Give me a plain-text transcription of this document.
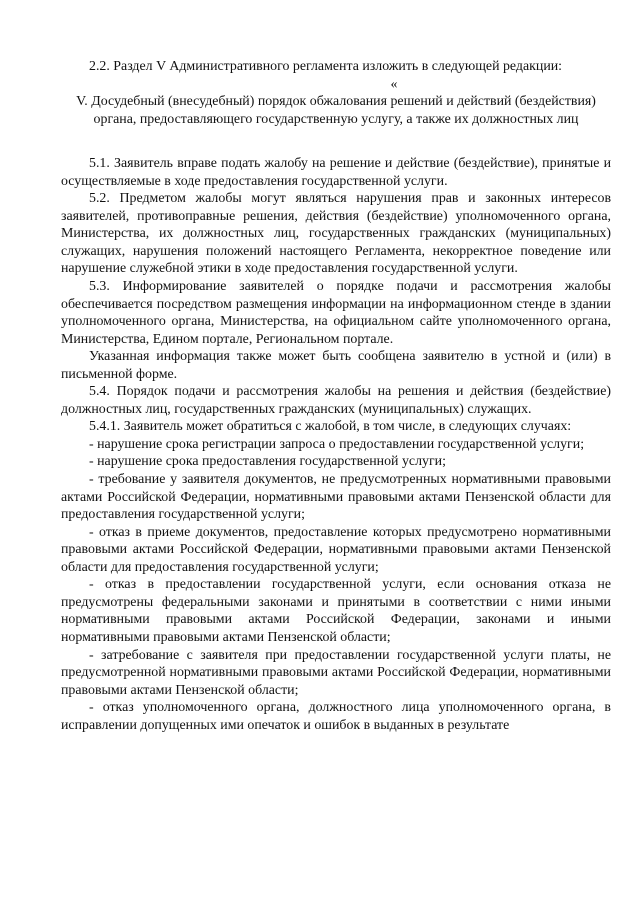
2.2. Раздел V Административного регламента изложить в следующей редакции:
«
V. Досудебный (внесудебный) порядок обжалования решений и действий (бездействия) органа, предоставляющего государственную услугу, а также их должностных лиц

5.1. Заявитель вправе подать жалобу на решение и действие (бездействие), принятые и осуществляемые в ходе предоставления государственной услуги.

5.2. Предметом жалобы могут являться нарушения прав и законных интересов заявителей, противоправные решения, действия (бездействие) уполномоченного органа, Министерства, их должностных лиц, государственных гражданских (муниципальных) служащих, нарушения положений настоящего Регламента, некорректное поведение или нарушение служебной этики в ходе предоставления государственной услуги.

5.3. Информирование заявителей о порядке подачи и рассмотрения жалобы обеспечивается посредством размещения информации на информационном стенде в здании уполномоченного органа, Министерства, на официальном сайте уполномоченного органа, Министерства, Едином портале, Региональном портале.

Указанная информация также может быть сообщена заявителю в устной и (или) в письменной форме.

5.4. Порядок подачи и рассмотрения жалобы на решения и действия (бездействие) должностных лиц, государственных гражданских (муниципальных) служащих.

5.4.1. Заявитель может обратиться с жалобой, в том числе, в следующих случаях:

- нарушение срока регистрации запроса о предоставлении государственной услуги;

- нарушение срока предоставления государственной услуги;

- требование у заявителя документов, не предусмотренных нормативными правовыми актами Российской Федерации, нормативными правовыми актами Пензенской области для предоставления государственной услуги;

- отказ в приеме документов, предоставление которых предусмотрено нормативными правовыми актами Российской Федерации, нормативными правовыми актами Пензенской области для предоставления государственной услуги;

- отказ в предоставлении государственной услуги, если основания отказа не предусмотрены федеральными законами и принятыми в соответствии с ними иными нормативными правовыми актами Российской Федерации, законами и иными нормативными правовыми актами Пензенской области;

- затребование с заявителя при предоставлении государственной услуги платы, не предусмотренной нормативными правовыми актами Российской Федерации, нормативными правовыми актами Пензенской области;

- отказ уполномоченного органа, должностного лица уполномоченного органа, в исправлении допущенных ими опечаток и ошибок в выданных в результате
